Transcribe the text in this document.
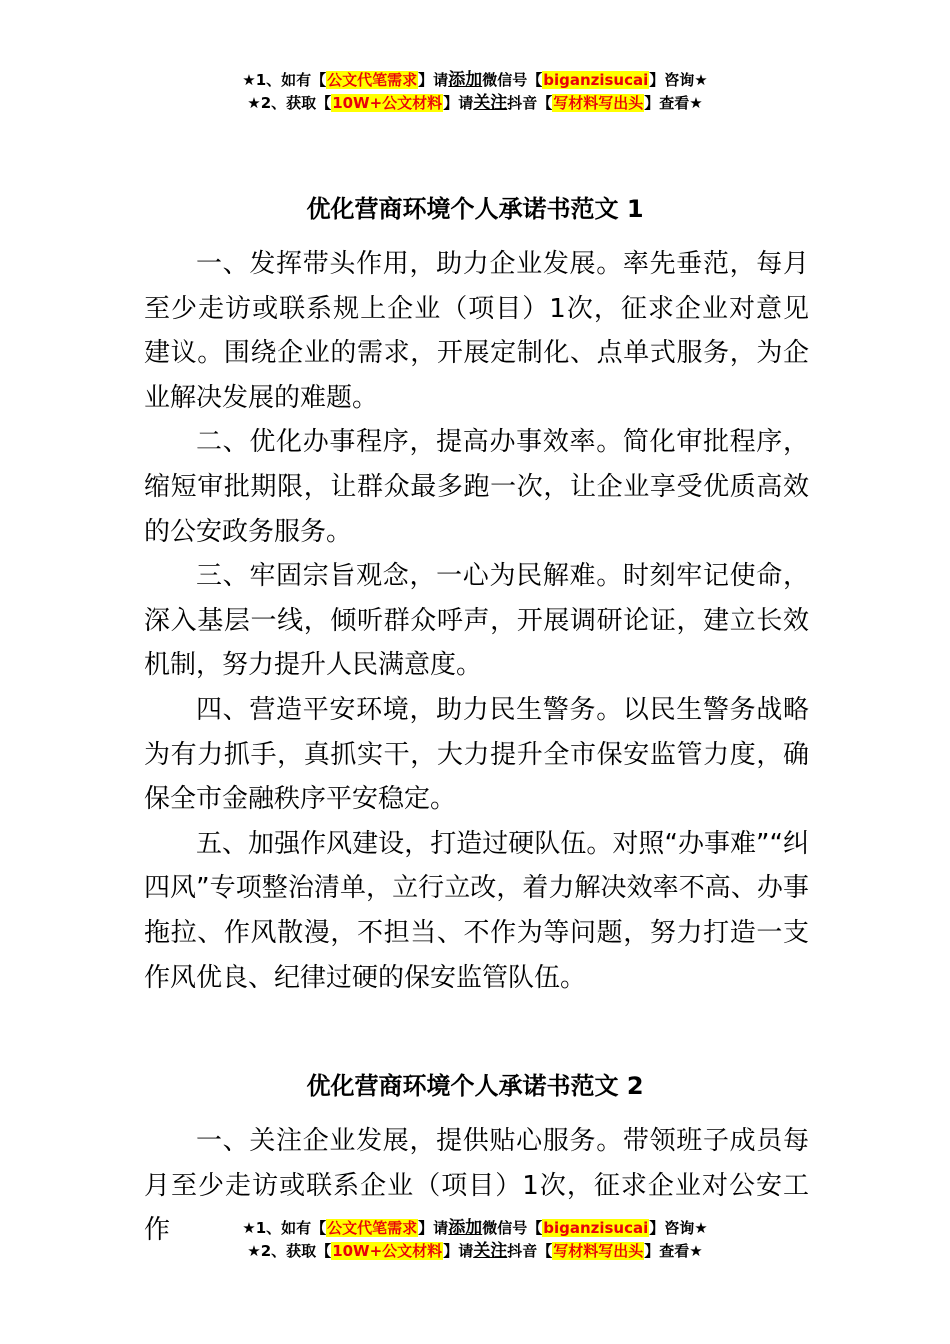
★1、如有【公文代笔需求】请添加微信号【biganzisucai】咨询★
★2、获取【10W+公文材料】请关注抖音【写材料写出头】查看★
优化营商环境个人承诺书范文 1

一、发挥带头作用，助力企业发展。率先垂范，每月至少走访或联系规上企业（项目）1次，征求企业对意见建议。围绕企业的需求，开展定制化、点单式服务，为企业解决发展的难题。

二、优化办事程序，提高办事效率。简化审批程序，缩短审批期限，让群众最多跑一次，让企业享受优质高效的公安政务服务。

三、牢固宗旨观念，一心为民解难。时刻牢记使命，深入基层一线，倾听群众呼声，开展调研论证，建立长效机制，努力提升人民满意度。

四、营造平安环境，助力民生警务。以民生警务战略为有力抓手，真抓实干，大力提升全市保安监管力度，确保全市金融秩序平安稳定。

五、加强作风建设，打造过硬队伍。对照“办事难”“纠四风”专项整治清单，立行立改，着力解决效率不高、办事拖拉、作风散漫，不担当、不作为等问题，努力打造一支作风优良、纪律过硬的保安监管队伍。

优化营商环境个人承诺书范文 2

一、关注企业发展，提供贴心服务。带领班子成员每月至少走访或联系企业（项目）1次，征求企业对公安工作	★1、如有【公文代笔需求】请添加微信号【biganzisucai】咨询★
★2、获取【10W+公文材料】请关注抖音【写材料写出头】查看★
